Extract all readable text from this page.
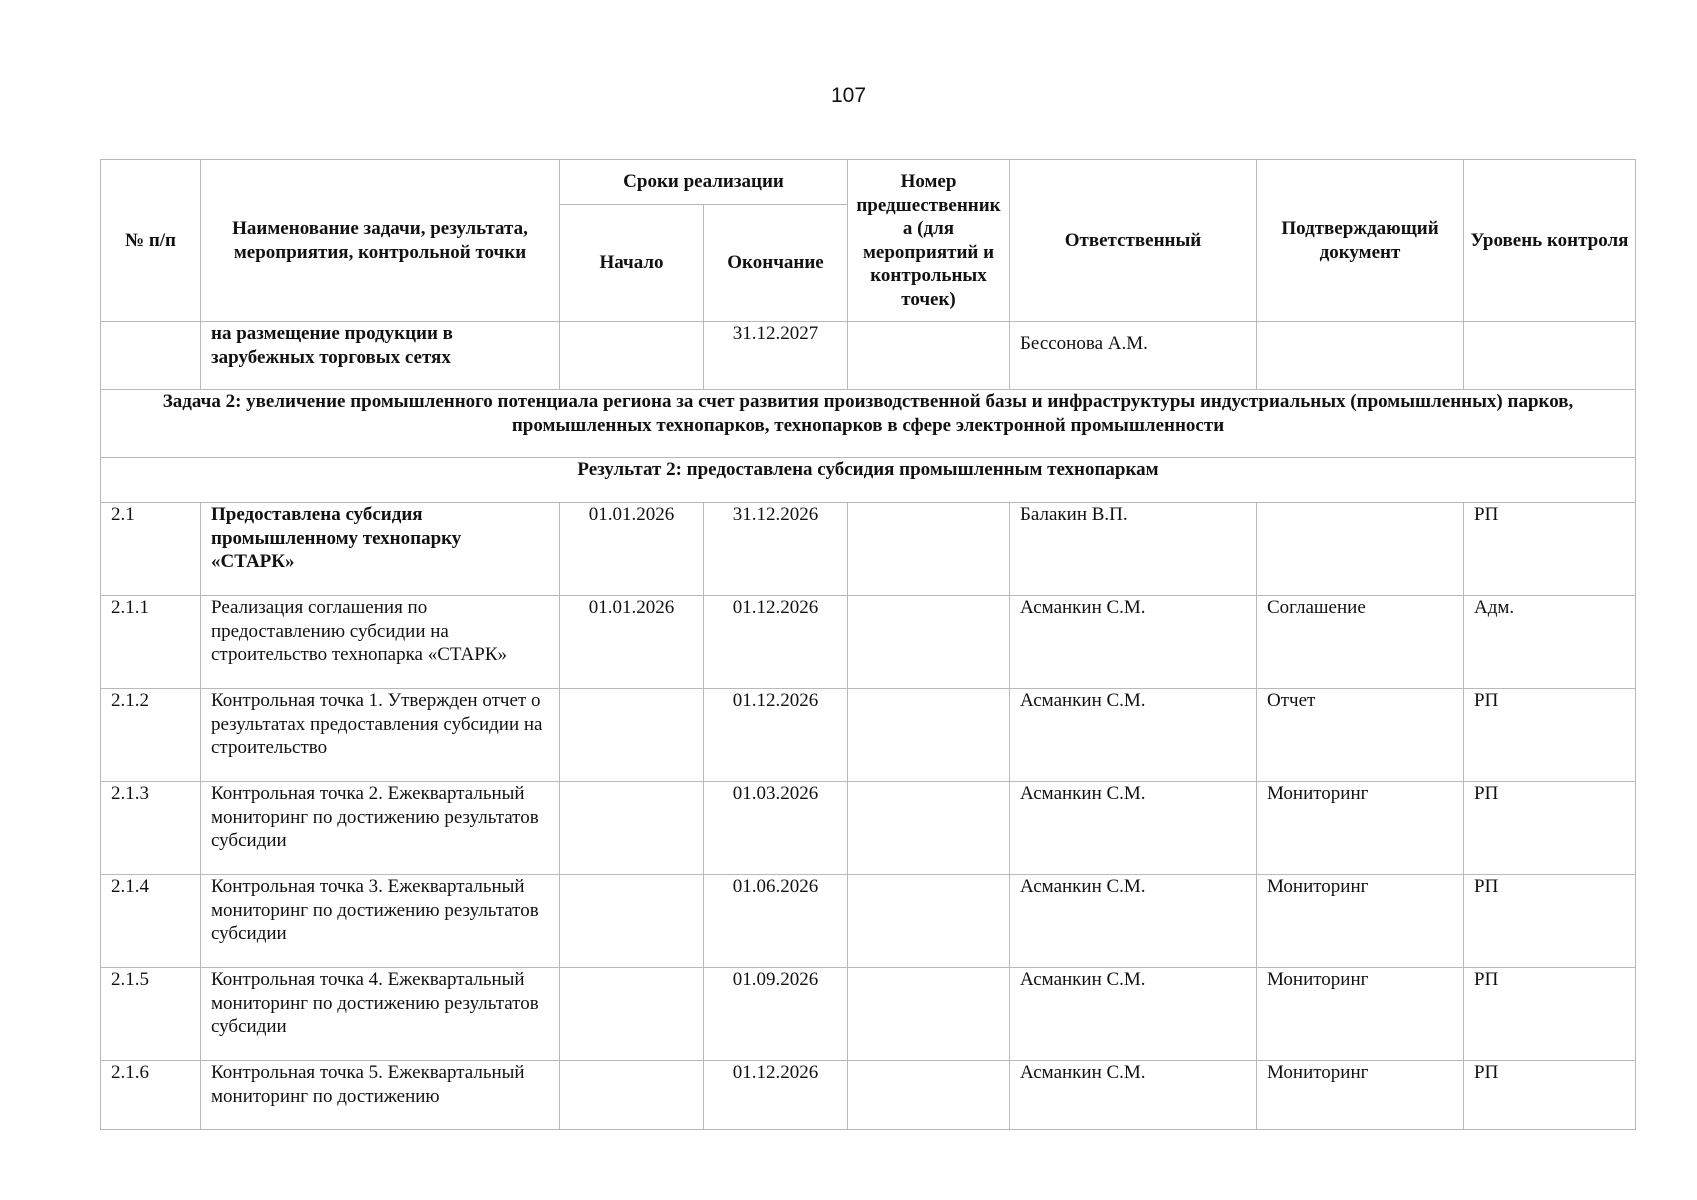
107
№ п/п	Наименование задачи, результата, мероприятия, контрольной точки	Сроки реализации		Номер предшественника (для мероприятий и контрольных точек)	Ответственный	Подтверждающий документ	Уровень контроля
		Начало	Окончание				
	на размещение продукции в зарубежных торговых сетях		31.12.2027		Бессонова А.М.		
Задача 2: увеличение промышленного потенциала региона за счет развития производственной базы и инфраструктуры индустриальных (промышленных) парков, промышленных технопарков, технопарков в сфере электронной промышленности							
Результат 2: предоставлена субсидия промышленным технопаркам							
2.1	Предоставлена субсидия промышленному технопарку «СТАРК»	01.01.2026	31.12.2026		Балакин В.П.		РП
2.1.1	Реализация соглашения по предоставлению субсидии на строительство технопарка «СТАРК»	01.01.2026	01.12.2026		Асманкин С.М.	Соглашение	Адм.
2.1.2	Контрольная точка 1. Утвержден отчет о результатах предоставления субсидии на строительство		01.12.2026		Асманкин С.М.	Отчет	РП
2.1.3	Контрольная точка 2. Ежеквартальный мониторинг по достижению результатов субсидии		01.03.2026		Асманкин С.М.	Мониторинг	РП
2.1.4	Контрольная точка 3. Ежеквартальный мониторинг по достижению результатов субсидии		01.06.2026		Асманкин С.М.	Мониторинг	РП
2.1.5	Контрольная точка 4. Ежеквартальный мониторинг по достижению результатов субсидии		01.09.2026		Асманкин С.М.	Мониторинг	РП
2.1.6	Контрольная точка 5. Ежеквартальный мониторинг по достижению		01.12.2026		Асманкин С.М.	Мониторинг	РП
